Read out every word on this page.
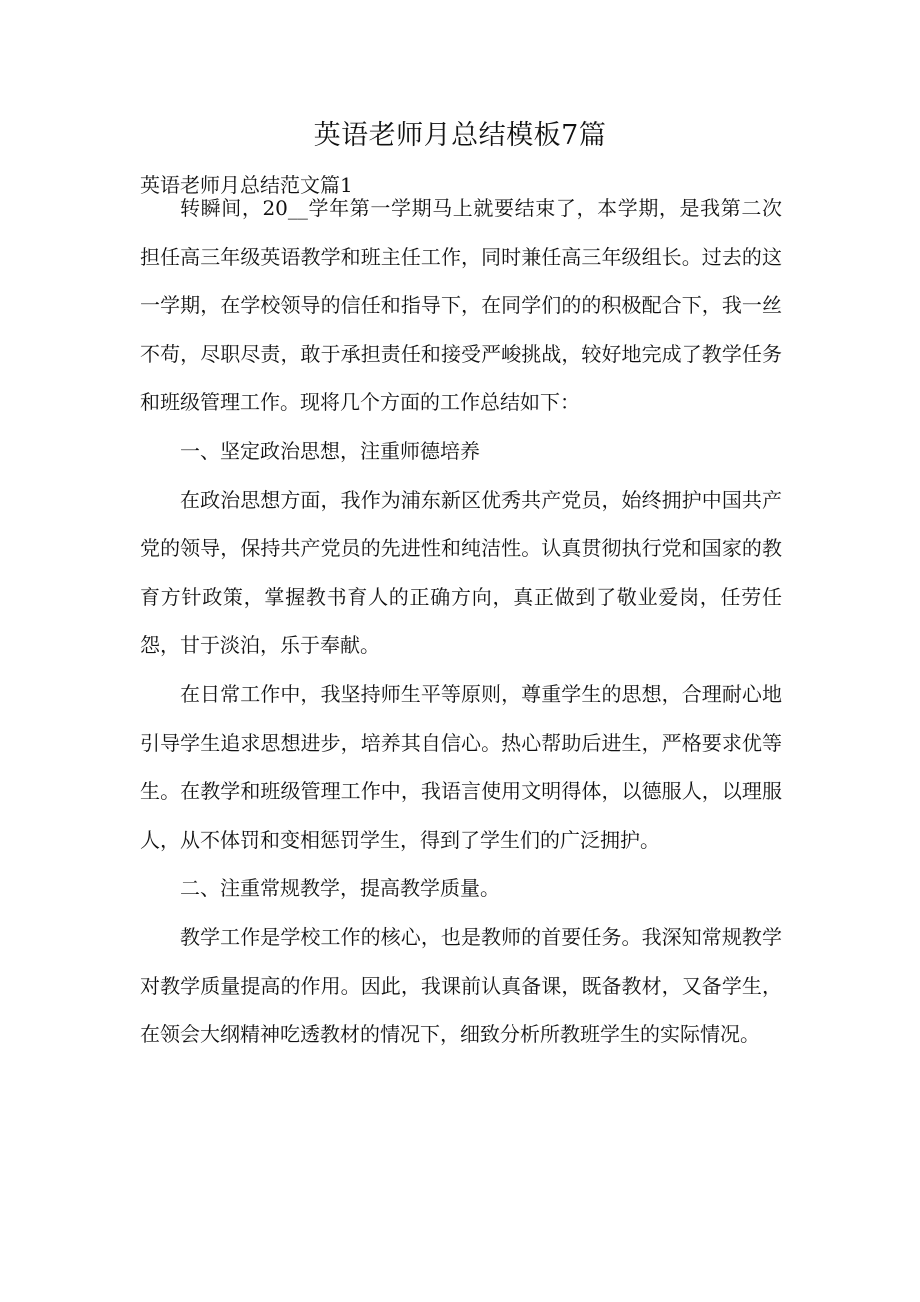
英语老师月总结模板7篇
英语老师月总结范文篇1

转瞬间，20__学年第一学期马上就要结束了，本学期，是我第二次担任高三年级英语教学和班主任工作，同时兼任高三年级组长。过去的这一学期，在学校领导的信任和指导下，在同学们的的积极配合下，我一丝不苟，尽职尽责，敢于承担责任和接受严峻挑战，较好地完成了教学任务和班级管理工作。现将几个方面的工作总结如下：

一、坚定政治思想，注重师德培养

在政治思想方面，我作为浦东新区优秀共产党员，始终拥护中国共产党的领导，保持共产党员的先进性和纯洁性。认真贯彻执行党和国家的教育方针政策，掌握教书育人的正确方向，真正做到了敬业爱岗，任劳任怨，甘于淡泊，乐于奉献。

在日常工作中，我坚持师生平等原则，尊重学生的思想，合理耐心地引导学生追求思想进步，培养其自信心。热心帮助后进生，严格要求优等生。在教学和班级管理工作中，我语言使用文明得体，以德服人，以理服人，从不体罚和变相惩罚学生，得到了学生们的广泛拥护。

二、注重常规教学，提高教学质量。

教学工作是学校工作的核心，也是教师的首要任务。我深知常规教学对教学质量提高的作用。因此，我课前认真备课，既备教材，又备学生，在领会大纲精神吃透教材的情况下，细致分析所教班学生的实际情况。
